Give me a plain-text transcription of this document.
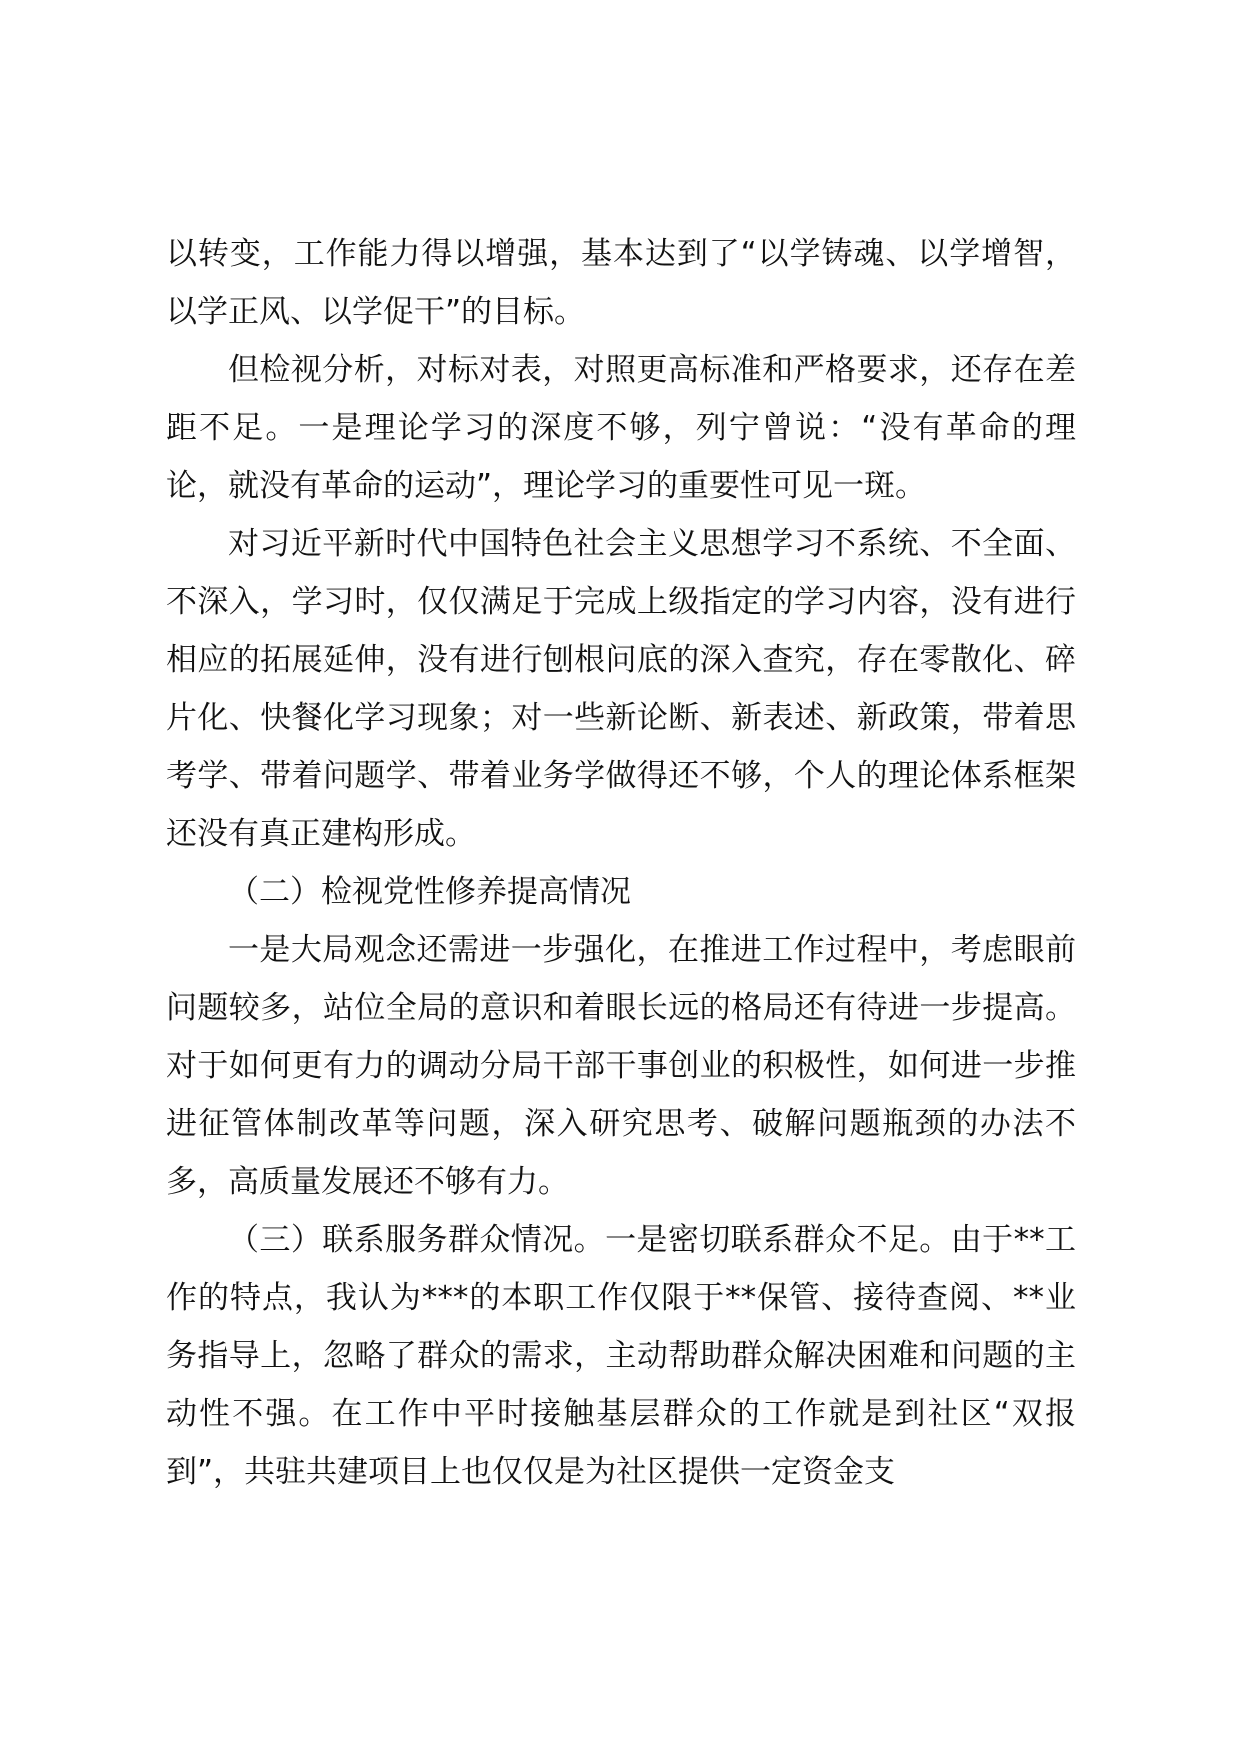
以转变，工作能力得以增强，基本达到了“以学铸魂、以学增智，以学正风、以学促干”的目标。

但检视分析，对标对表，对照更高标准和严格要求，还存在差距不足。一是理论学习的深度不够，列宁曾说：“没有革命的理论，就没有革命的运动”，理论学习的重要性可见一斑。

对习近平新时代中国特色社会主义思想学习不系统、不全面、不深入，学习时，仅仅满足于完成上级指定的学习内容，没有进行相应的拓展延伸，没有进行刨根问底的深入查究，存在零散化、碎片化、快餐化学习现象；对一些新论断、新表述、新政策，带着思考学、带着问题学、带着业务学做得还不够，个人的理论体系框架还没有真正建构形成。

（二）检视党性修养提高情况

一是大局观念还需进一步强化，在推进工作过程中，考虑眼前问题较多，站位全局的意识和着眼长远的格局还有待进一步提高。对于如何更有力的调动分局干部干事创业的积极性，如何进一步推进征管体制改革等问题，深入研究思考、破解问题瓶颈的办法不多，高质量发展还不够有力。

（三）联系服务群众情况。一是密切联系群众不足。由于**工作的特点，我认为***的本职工作仅限于**保管、接待查阅、**业务指导上，忽略了群众的需求，主动帮助群众解决困难和问题的主动性不强。在工作中平时接触基层群众的工作就是到社区“双报到”，共驻共建项目上也仅仅是为社区提供一定资金支
